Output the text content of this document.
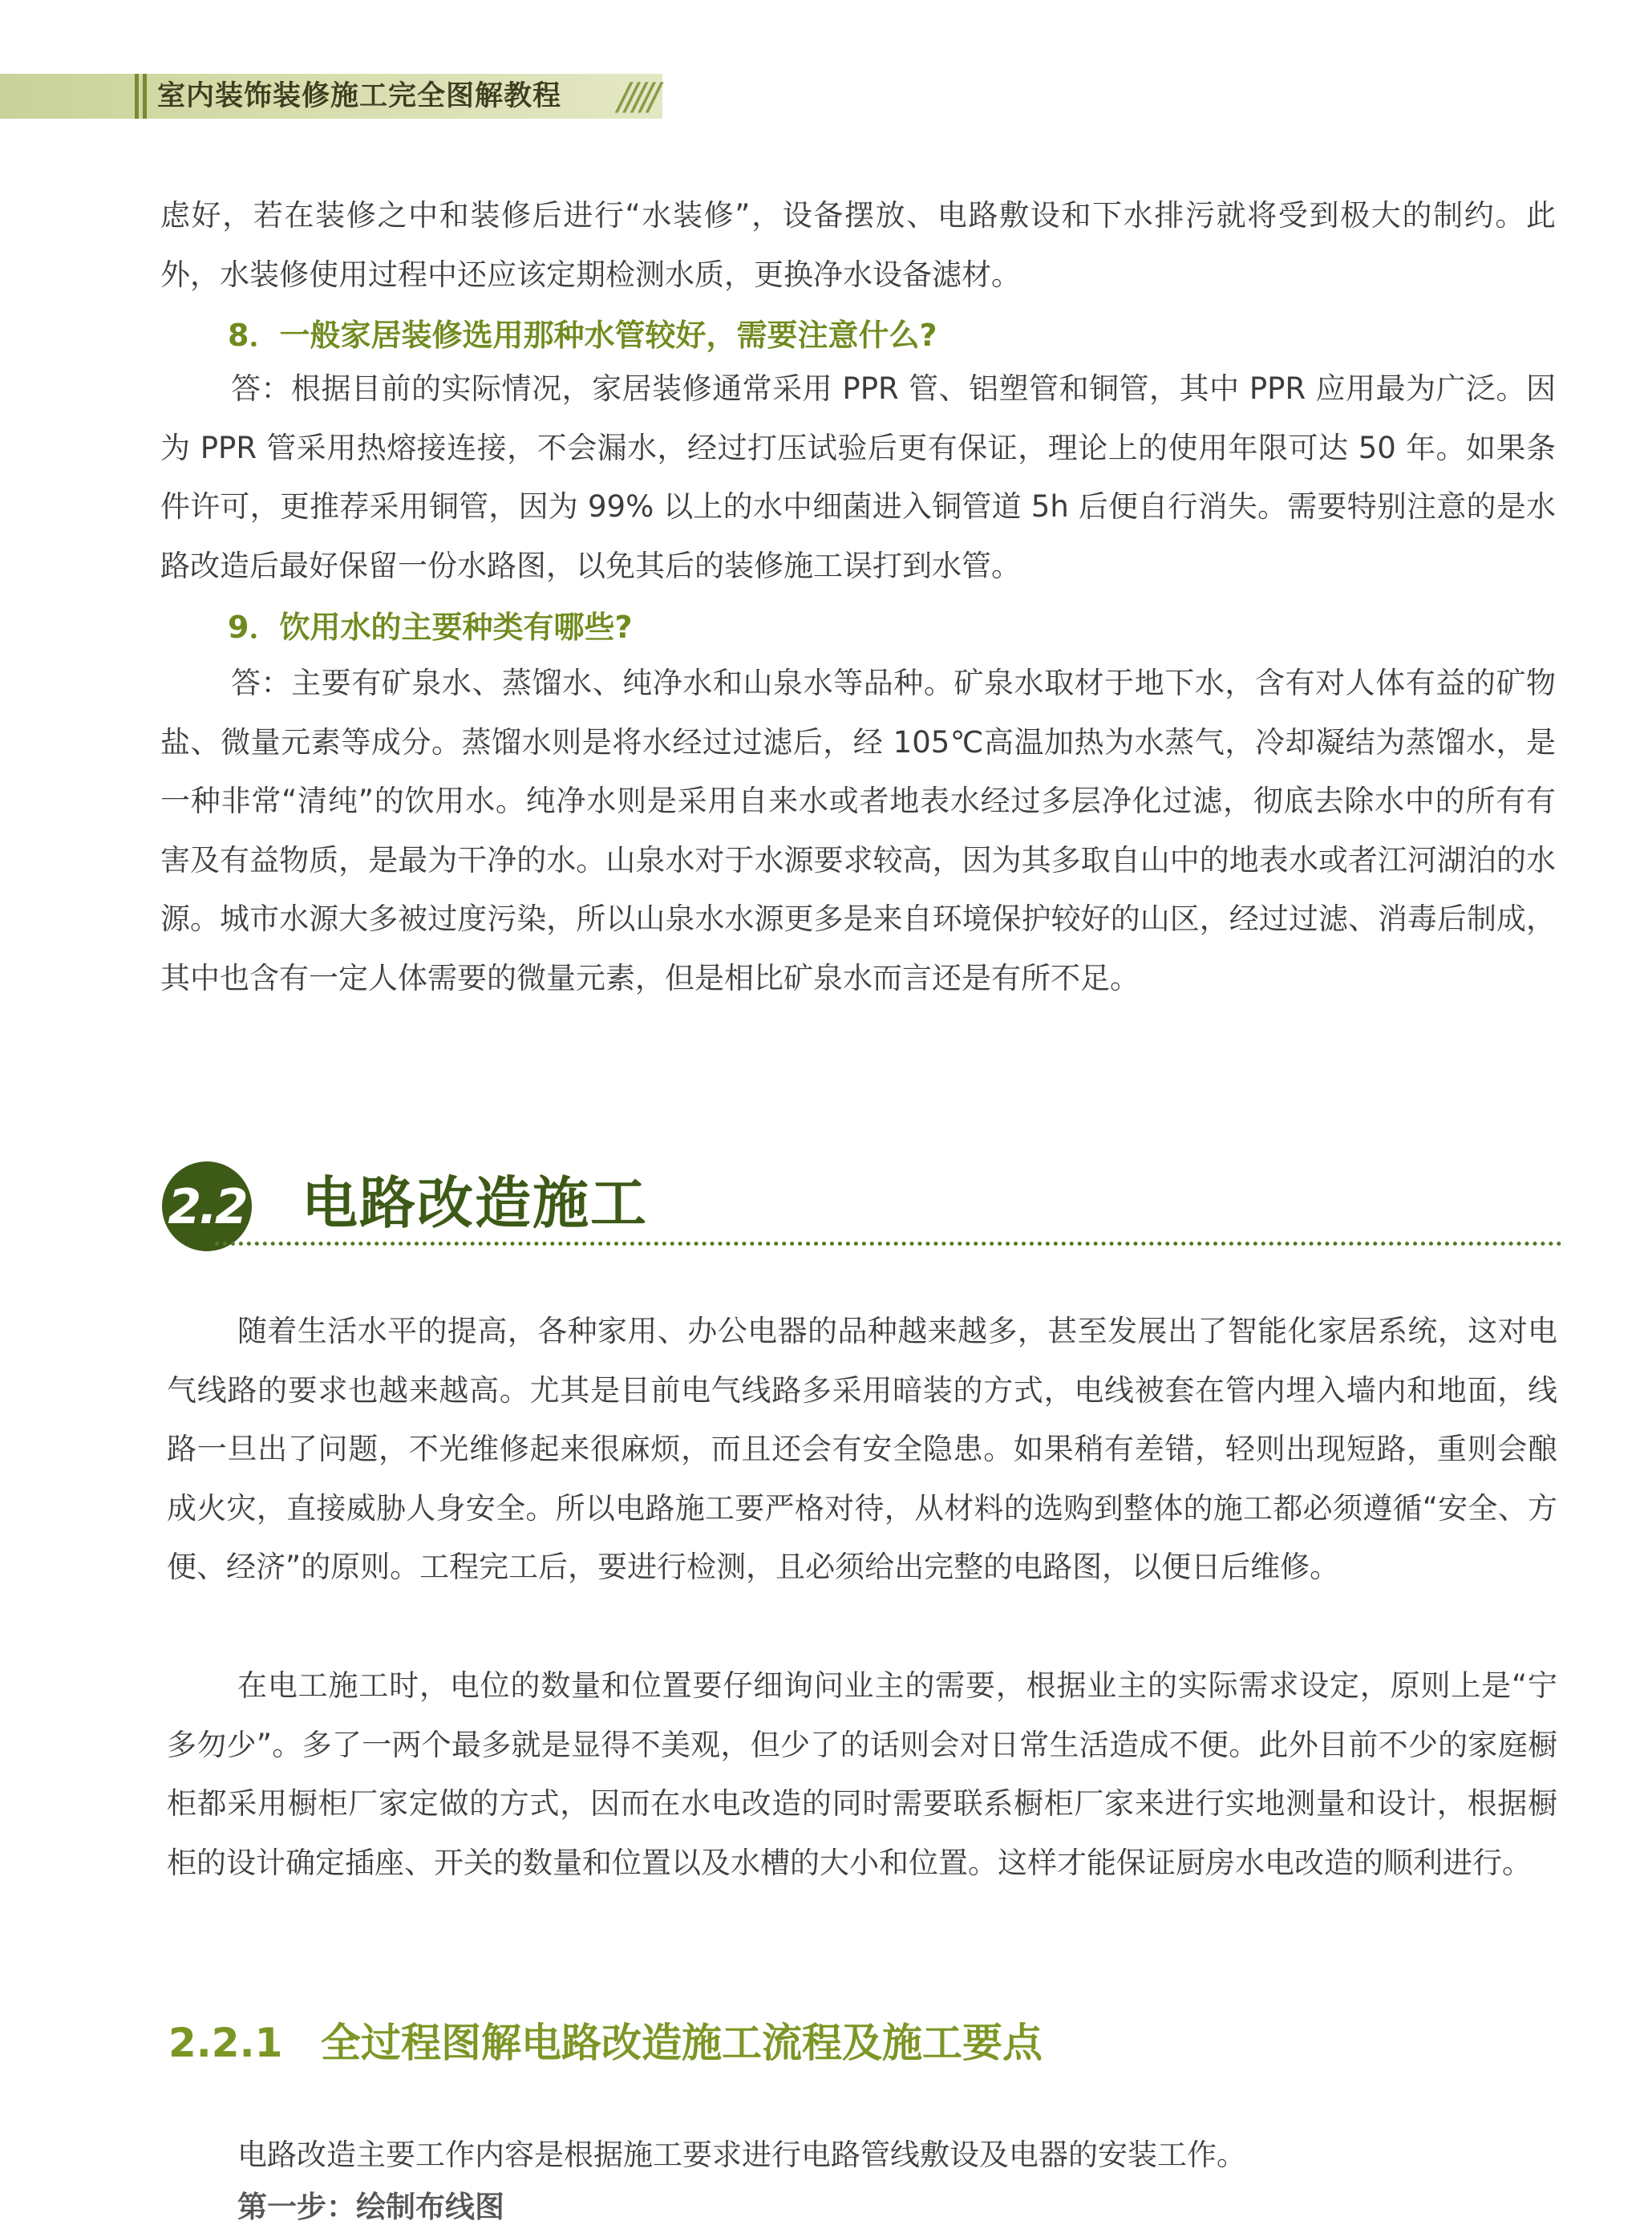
室内装饰装修施工完全图解教程 /////

虑好，若在装修之中和装修后进行“水装修”，设备摆放、电路敷设和下水排污就将受到极大的制约。此外，水装修使用过程中还应该定期检测水质，更换净水设备滤材。

8．一般家居装修选用那种水管较好，需要注意什么?

答：根据目前的实际情况，家居装修通常采用 PPR 管、铝塑管和铜管，其中 PPR 应用最为广泛。因为 PPR 管采用热熔接连接，不会漏水，经过打压试验后更有保证，理论上的使用年限可达 50 年。如果条件许可，更推荐采用铜管，因为 99% 以上的水中细菌进入铜管道 5h 后便自行消失。需要特别注意的是水路改造后最好保留一份水路图，以免其后的装修施工误打到水管。

9．饮用水的主要种类有哪些?

答：主要有矿泉水、蒸馏水、纯净水和山泉水等品种。矿泉水取材于地下水，含有对人体有益的矿物盐、微量元素等成分。蒸馏水则是将水经过过滤后，经 105℃高温加热为水蒸气，冷却凝结为蒸馏水，是一种非常“清纯”的饮用水。纯净水则是采用自来水或者地表水经过多层净化过滤，彻底去除水中的所有有害及有益物质，是最为干净的水。山泉水对于水源要求较高，因为其多取自山中的地表水或者江河湖泊的水源。城市水源大多被过度污染，所以山泉水水源更多是来自环境保护较好的山区，经过过滤、消毒后制成，其中也含有一定人体需要的微量元素，但是相比矿泉水而言还是有所不足。

2.2 电路改造施工

随着生活水平的提高，各种家用、办公电器的品种越来越多，甚至发展出了智能化家居系统，这对电气线路的要求也越来越高。尤其是目前电气线路多采用暗装的方式，电线被套在管内埋入墙内和地面，线路一旦出了问题，不光维修起来很麻烦，而且还会有安全隐患。如果稍有差错，轻则出现短路，重则会酿成火灾，直接威胁人身安全。所以电路施工要严格对待，从材料的选购到整体的施工都必须遵循“安全、方便、经济”的原则。工程完工后，要进行检测，且必须给出完整的电路图，以便日后维修。

在电工施工时，电位的数量和位置要仔细询问业主的需要，根据业主的实际需求设定，原则上是“宁多勿少”。多了一两个最多就是显得不美观，但少了的话则会对日常生活造成不便。此外目前不少的家庭橱柜都采用橱柜厂家定做的方式，因而在水电改造的同时需要联系橱柜厂家来进行实地测量和设计，根据橱柜的设计确定插座、开关的数量和位置以及水槽的大小和位置。这样才能保证厨房水电改造的顺利进行。

2.2.1 全过程图解电路改造施工流程及施工要点

电路改造主要工作内容是根据施工要求进行电路管线敷设及电器的安装工作。

第一步：绘制布线图
